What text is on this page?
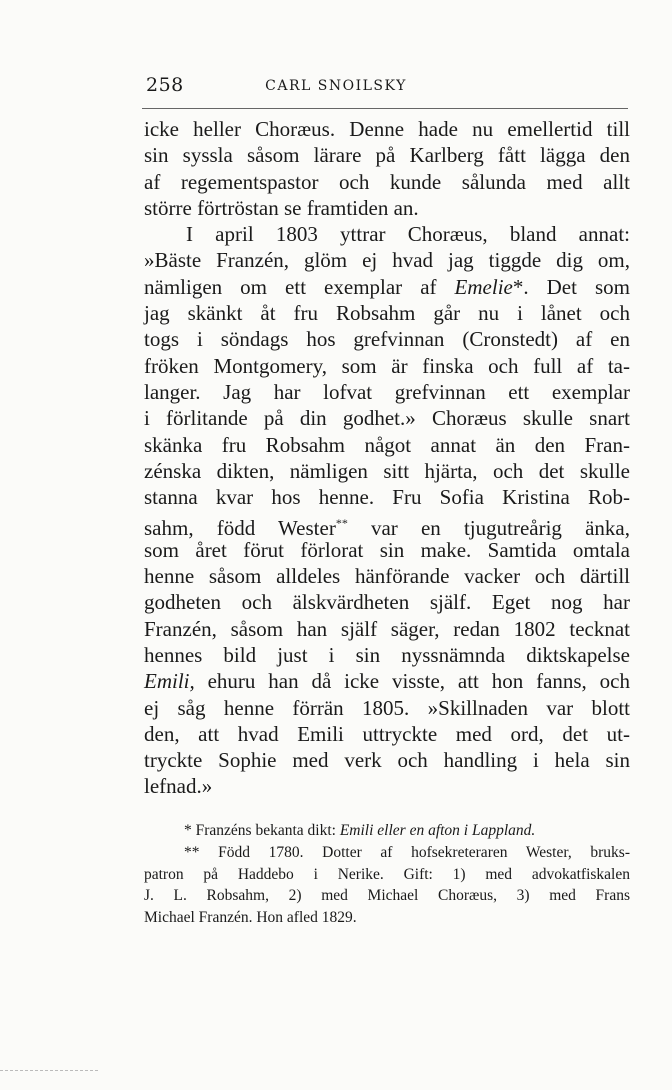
258	CARL SNOILSKY
icke heller Choræus. Denne hade nu emellertid till
sin syssla såsom lärare på Karlberg fått lägga den
af regementspastor och kunde sålunda med allt
större förtröstan se framtiden an.
I april 1803 yttrar Choræus, bland annat:
»Bäste Franzén, glöm ej hvad jag tiggde dig om,
nämligen om ett exemplar af Emelie*. Det som
jag skänkt åt fru Robsahm går nu i lånet och
togs i söndags hos grefvinnan (Cronstedt) af en
fröken Montgomery, som är finska och full af ta-
langer. Jag har lofvat grefvinnan ett exemplar
i förlitande på din godhet.» Choræus skulle snart
skänka fru Robsahm något annat än den Fran-
zénska dikten, nämligen sitt hjärta, och det skulle
stanna kvar hos henne. Fru Sofia Kristina Rob-
sahm, född Wester** var en tjugutreårig änka,
som året förut förlorat sin make. Samtida omtala
henne såsom alldeles hänförande vacker och därtill
godheten och älskvärdheten själf. Eget nog har
Franzén, såsom han själf säger, redan 1802 tecknat
hennes bild just i sin nyssnämnda diktskapelse
Emili, ehuru han då icke visste, att hon fanns, och
ej såg henne förrän 1805. »Skillnaden var blott
den, att hvad Emili uttryckte med ord, det ut-
tryckte Sophie med verk och handling i hela sin
lefnad.»
* Franzéns bekanta dikt: Emili eller en afton i Lappland.
** Född 1780. Dotter af hofsekreteraren Wester, bruks-
patron på Haddebo i Nerike. Gift: 1) med advokatfiskalen
J. L. Robsahm, 2) med Michael Choræus, 3) med Frans
Michael Franzén. Hon afled 1829.
